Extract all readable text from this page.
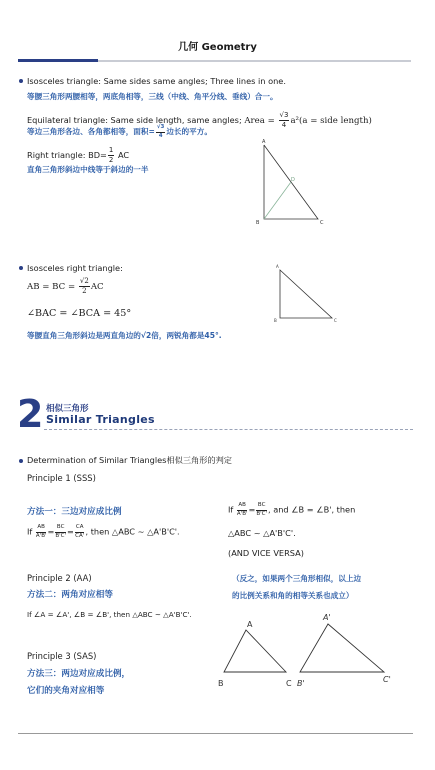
几何 Geometry
Isosceles triangle: Same sides same angles; Three lines in one.
等腰三角形两腰相等，两底角相等，三线（中线、角平分线、垂线）合一。
Equilateral triangle: Same side length, same angles; Area = $\frac{√3}{4} a^2(a$ = side length)
等边三角形各边、各角都相等，面积= $\frac{√3}{4}$ 边长的平方。
Right triangle: $BD= \frac{1}{2}$ AC
直角三角形斜边中线等于斜边的一半
A
D
B	C
Isosceles right triangle:
AB = BC = $\frac{√2}{2}$ AC
∠BAC = ∠BCA = 45°
等腰直角三角形斜边是两直角边的√2倍，两锐角都是45°.
A
B	C
2 相似三角形
Similar Triangles
Determination of Similar Triangles相似三角形的判定
Principle 1 (SSS)
方法一：三边对应成比例
If $\frac{AB}{A'B'} = \frac{BC}{B'C'} = \frac{CA}{CA'}$ , then △ABC ~ △A'B'C'.
If $\frac{AB}{A'B'} = \frac{BC}{B'C'}$ , and ∠B = ∠B', then
△ABC ~ △A'B'C'.
(AND VICE VERSA)
（反之，如果两个三角形相似，以上边
的比例关系和角的相等关系也成立）
Principle 2 (AA)
方法二：两角对应相等
If ∠A = ∠A', ∠B = ∠B', then △ABC ~ △A'B'C'.
Principle 3 (SAS)
方法三：两边对应成比例，
它们的夹角对应相等
A
B	C
A'
B'	C'
